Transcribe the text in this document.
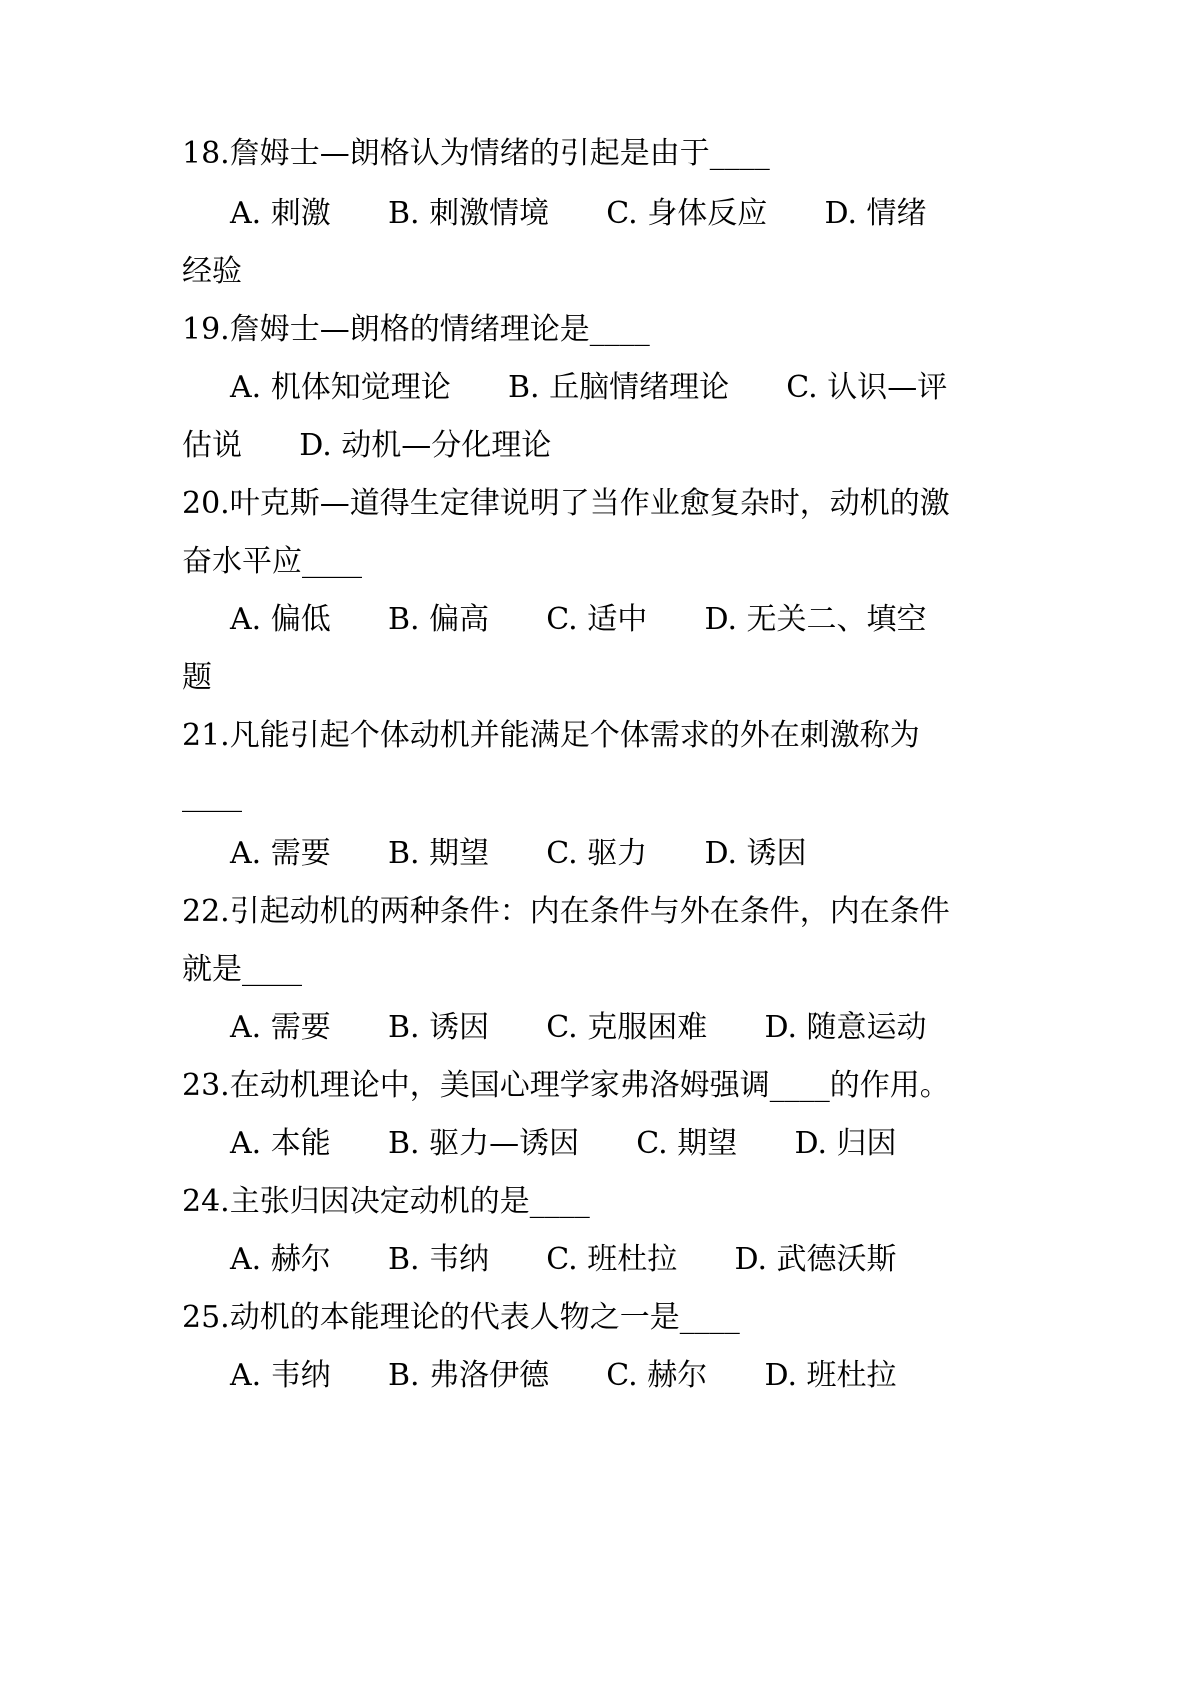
18.詹姆士—朗格认为情绪的引起是由于____
A. 刺激      B. 刺激情境      C. 身体反应      D. 情绪
经验
19.詹姆士—朗格的情绪理论是____
A. 机体知觉理论      B. 丘脑情绪理论      C. 认识—评
估说      D. 动机—分化理论
20.叶克斯—道得生定律说明了当作业愈复杂时，动机的激
奋水平应____
A. 偏低      B. 偏高      C. 适中      D. 无关二、填空
题
21.凡能引起个体动机并能满足个体需求的外在刺激称为
____
A. 需要      B. 期望      C. 驱力      D. 诱因
22.引起动机的两种条件：内在条件与外在条件，内在条件
就是____
A. 需要      B. 诱因      C. 克服困难      D. 随意运动
23.在动机理论中，美国心理学家弗洛姆强调____的作用。
A. 本能      B. 驱力—诱因      C. 期望      D. 归因
24.主张归因决定动机的是____
A. 赫尔      B. 韦纳      C. 班杜拉      D. 武德沃斯
25.动机的本能理论的代表人物之一是____
A. 韦纳      B. 弗洛伊德      C. 赫尔      D. 班杜拉
